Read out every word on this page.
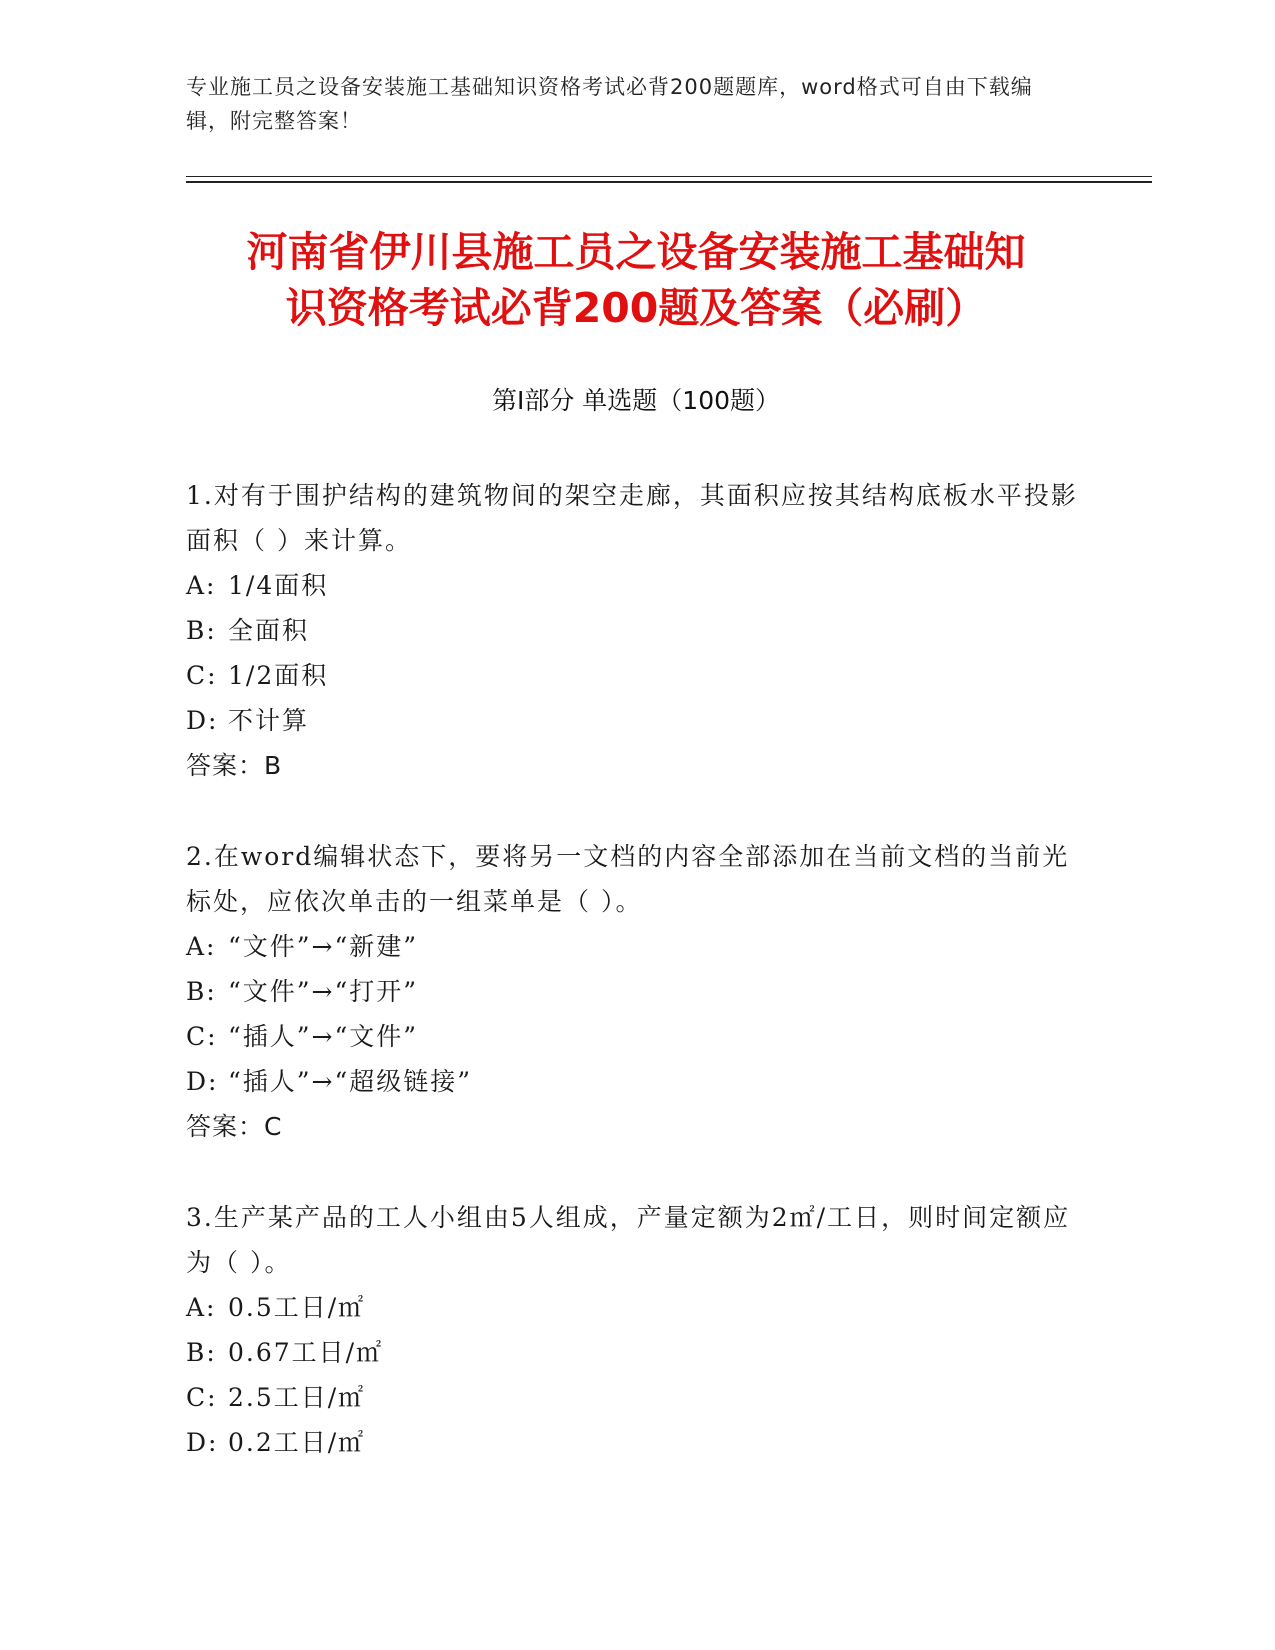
专业施工员之设备安装施工基础知识资格考试必背200题题库，word格式可自由下载编辑，附完整答案！
河南省伊川县施工员之设备安装施工基础知
识资格考试必背200题及答案（必刷）
第I部分 单选题（100题）

1.对有于围护结构的建筑物间的架空走廊，其面积应按其结构底板水平投影面积（ ）来计算。

A: 1/4面积

B: 全面积

C: 1/2面积

D: 不计算

答案：B

2.在word编辑状态下，要将另一文档的内容全部添加在当前文档的当前光标处，应依次单击的一组菜单是（ ）。

A: “文件”→“新建”

B: “文件”→“打开”

C: “插人”→“文件”

D: “插人”→“超级链接”

答案：C

3.生产某产品的工人小组由5人组成，产量定额为2㎡/工日，则时间定额应为（ ）。

A: 0.5工日/㎡

B: 0.67工日/㎡

C: 2.5工日/㎡

D: 0.2工日/㎡
